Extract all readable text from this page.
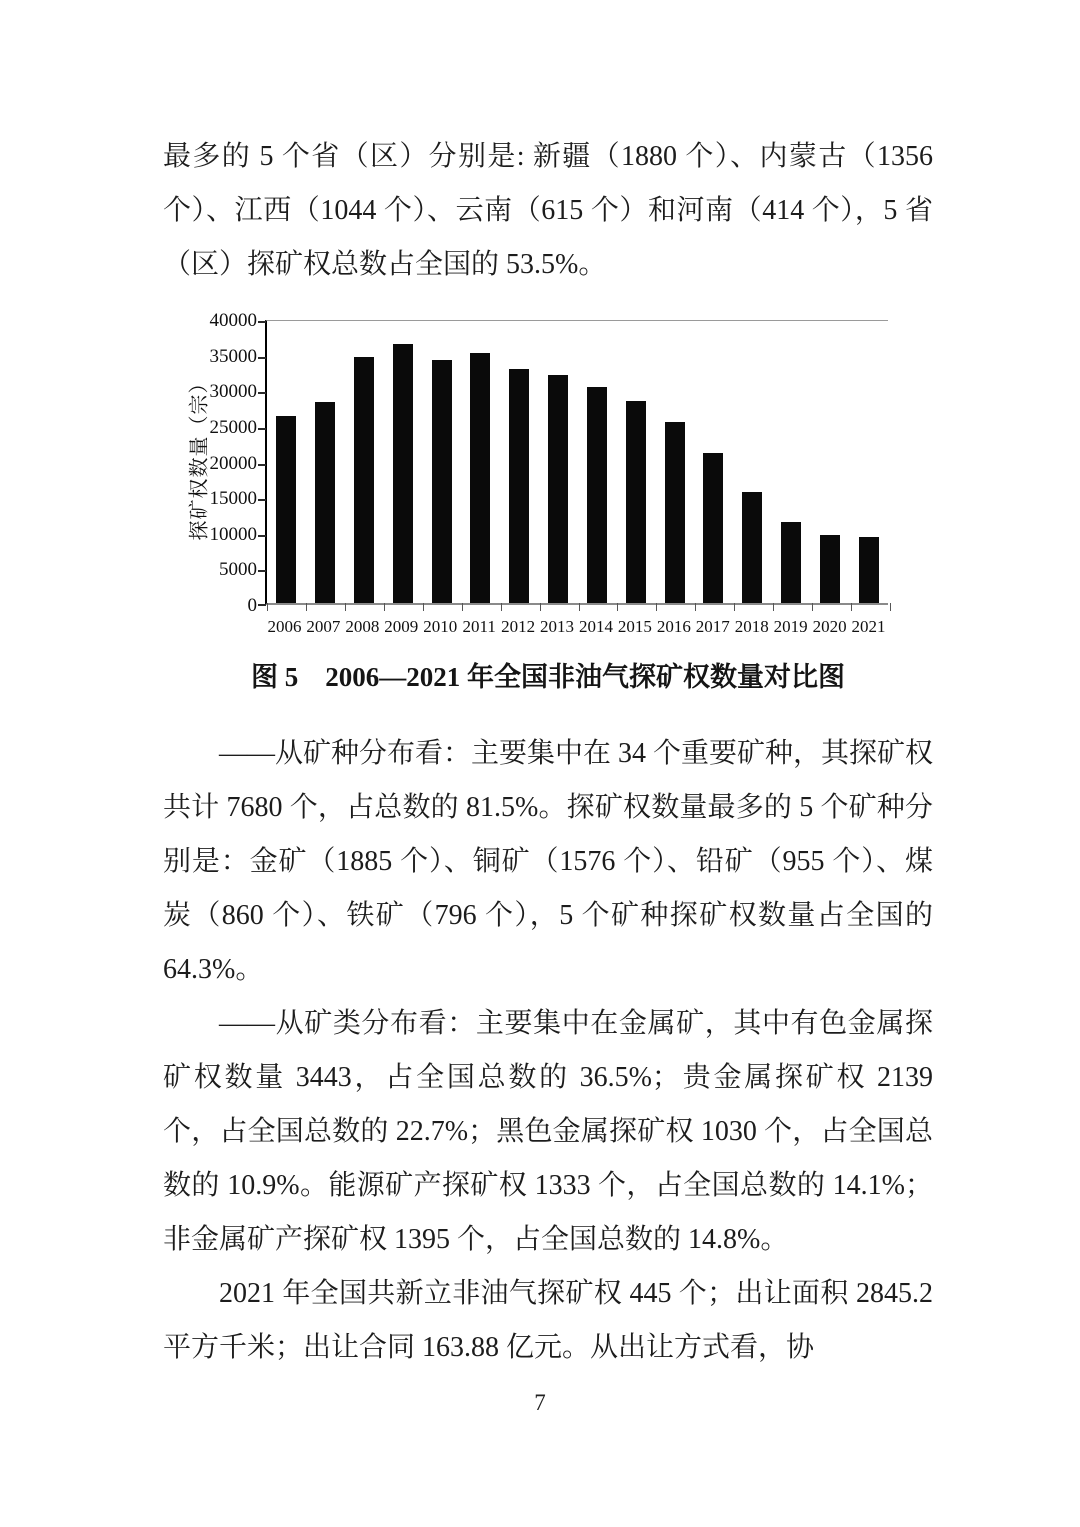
最多的 5 个省（区）分别是: 新疆（1880 个）、内蒙古（1356 个）、江西（1044 个）、云南（615 个）和河南（414 个），5 省（区）探矿权总数占全国的 53.5%。

探矿权数量（宗）
0
5000
10000
15000
20000
25000
30000
35000
40000
2006 2007 2008 2009 2010 2011 2012 2013 2014 2015 2016 2017 2018 2019 2020 2021
图 5　2006—2021 年全国非油气探矿权数量对比图

——从矿种分布看：主要集中在 34 个重要矿种，其探矿权共计 7680 个，占总数的 81.5%。探矿权数量最多的 5 个矿种分别是：金矿（1885 个）、铜矿（1576 个）、铅矿（955 个）、煤炭（860 个）、铁矿（796 个），5 个矿种探矿权数量占全国的 64.3%。

——从矿类分布看：主要集中在金属矿，其中有色金属探矿权数量 3443，占全国总数的 36.5%；贵金属探矿权 2139 个，占全国总数的 22.7%；黑色金属探矿权 1030 个，占全国总数的 10.9%。能源矿产探矿权 1333 个，占全国总数的 14.1%；非金属矿产探矿权 1395 个，占全国总数的 14.8%。

2021 年全国共新立非油气探矿权 445 个；出让面积 2845.2 平方千米；出让合同 163.88 亿元。从出让方式看，协

7
